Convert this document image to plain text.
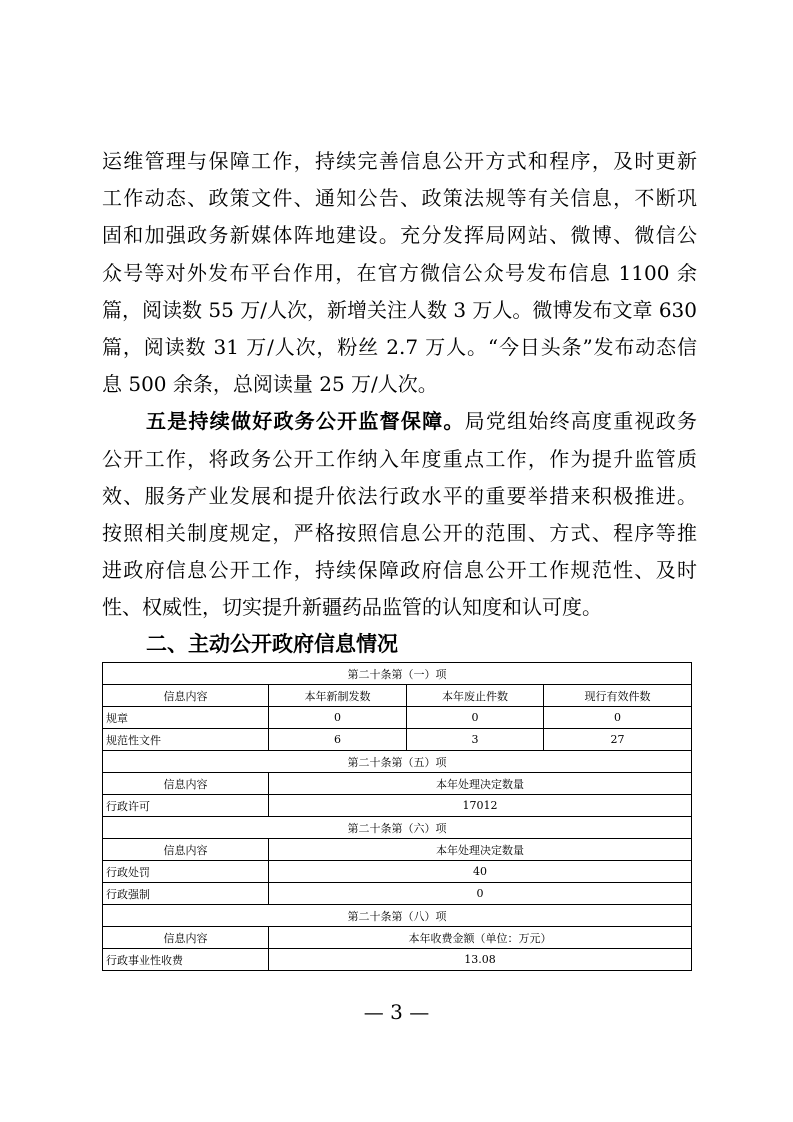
运维管理与保障工作，持续完善信息公开方式和程序，及时更新
工作动态、政策文件、通知公告、政策法规等有关信息，不断巩
固和加强政务新媒体阵地建设。充分发挥局网站、微博、微信公
众号等对外发布平台作用，在官方微信公众号发布信息 1100 余
篇，阅读数 55 万/人次，新增关注人数 3 万人。微博发布文章 630
篇，阅读数 31 万/人次，粉丝 2.7 万人。“今日头条”发布动态信
息 500 余条，总阅读量 25 万/人次。
五是持续做好政务公开监督保障。局党组始终高度重视政务
公开工作，将政务公开工作纳入年度重点工作，作为提升监管质
效、服务产业发展和提升依法行政水平的重要举措来积极推进。
按照相关制度规定，严格按照信息公开的范围、方式、程序等推
进政府信息公开工作，持续保障政府信息公开工作规范性、及时
性、权威性，切实提升新疆药品监管的认知度和认可度。
二、主动公开政府信息情况
第二十条第（一）项			
信息内容	本年新制发数	本年废止件数	现行有效件数
规章	0	0	0
规范性文件	6	3	27
第二十条第（五）项			
信息内容	本年处理决定数量		
行政许可	17012		
第二十条第（六）项			
信息内容	本年处理决定数量		
行政处罚	40		
行政强制	0		
第二十条第（八）项			
信息内容	本年收费金额（单位：万元）		
行政事业性收费	13.08		
— 3 —
